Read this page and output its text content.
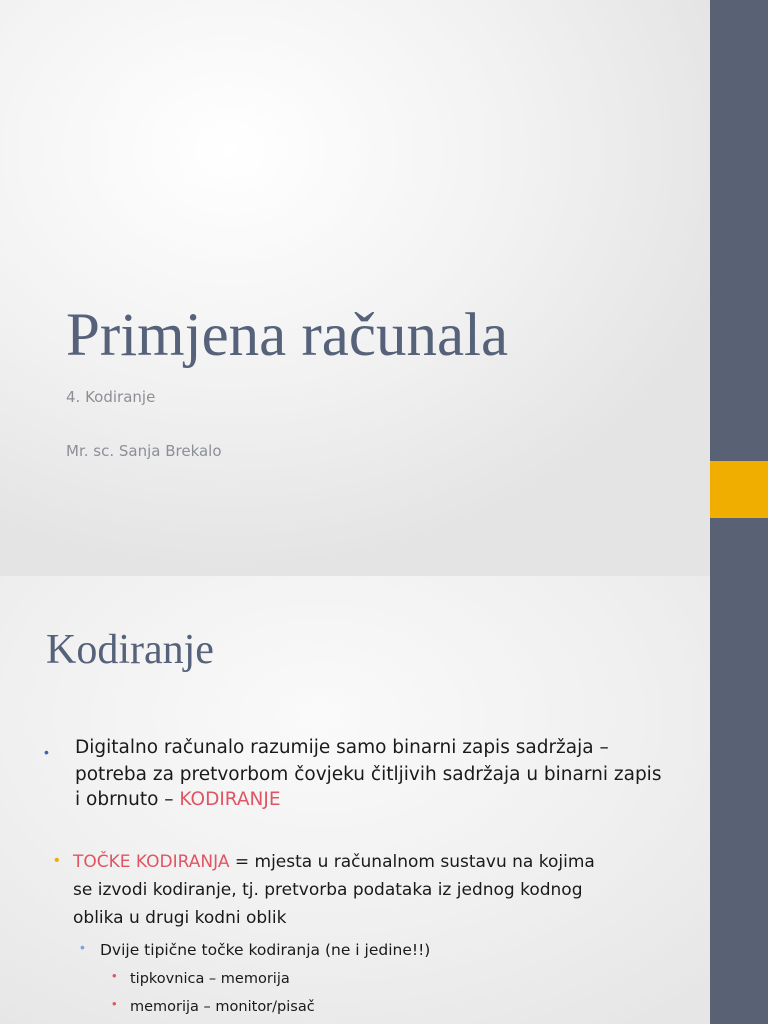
Primjena računala

4. Kodiranje

Mr. sc. Sanja Brekalo

Kodiranje
• Digitalno računalo razumije samo binarni zapis sadržaja –

potreba za pretvorbom čovjeku čitljivih sadržaja u binarni zapis

i obrnuto – KODIRANJE

• TOČKE KODIRANJA = mjesta u računalnom sustavu na kojima

se izvodi kodiranje, tj. pretvorba podataka iz jednog kodnog

oblika u drugi kodni oblik

• Dvije tipične točke kodiranja (ne i jedine!!)

• tipkovnica – memorija

• memorija – monitor/pisač
